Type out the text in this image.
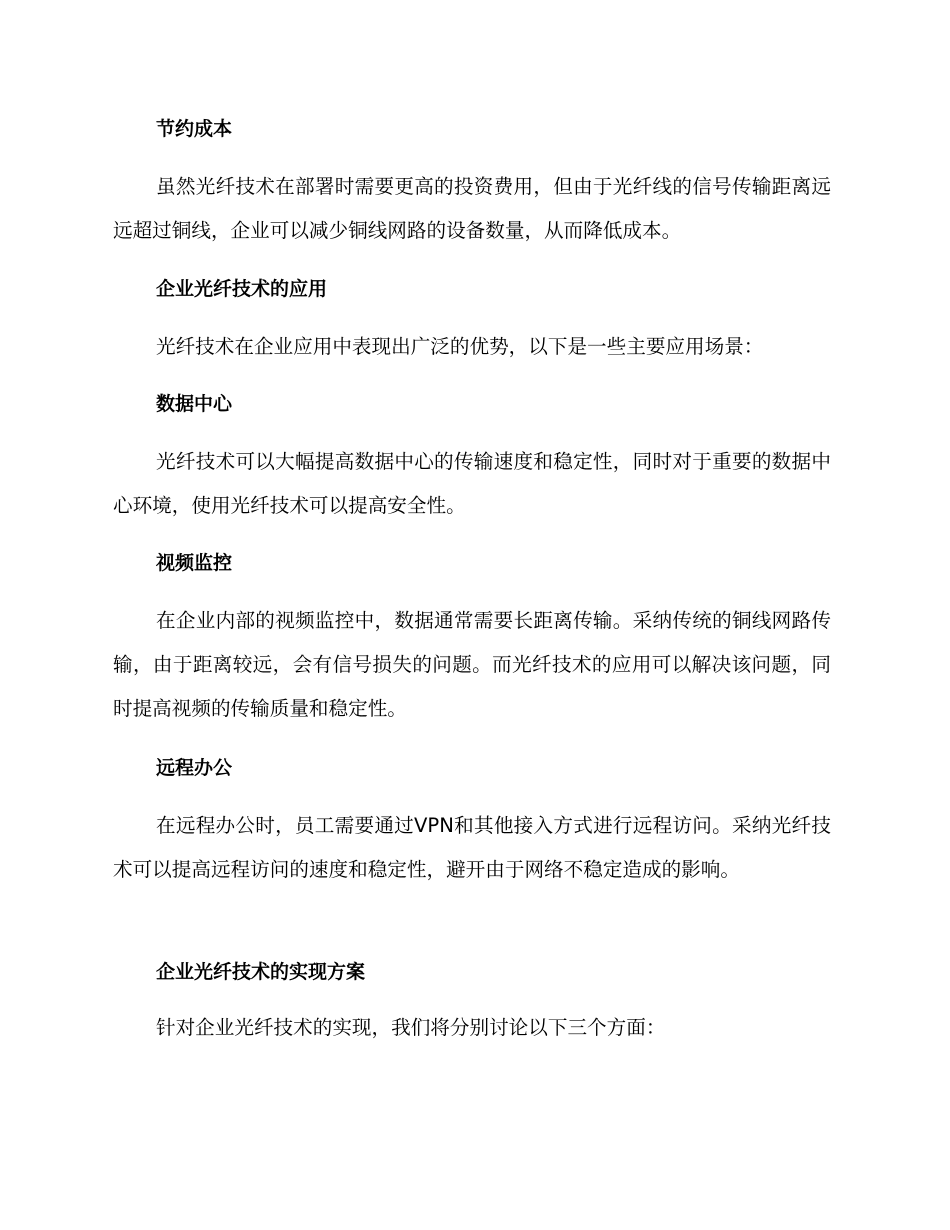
节约成本
虽然光纤技术在部署时需要更高的投资费用，但由于光纤线的信号传输距离远远超过铜线，企业可以减少铜线网路的设备数量，从而降低成本。
企业光纤技术的应用
光纤技术在企业应用中表现出广泛的优势，以下是一些主要应用场景：
数据中心
光纤技术可以大幅提高数据中心的传输速度和稳定性，同时对于重要的数据中心环境，使用光纤技术可以提高安全性。
视频监控
在企业内部的视频监控中，数据通常需要长距离传输。采纳传统的铜线网路传输，由于距离较远，会有信号损失的问题。而光纤技术的应用可以解决该问题，同时提高视频的传输质量和稳定性。
远程办公
在远程办公时，员工需要通过VPN和其他接入方式进行远程访问。采纳光纤技术可以提高远程访问的速度和稳定性，避开由于网络不稳定造成的影响。
企业光纤技术的实现方案
针对企业光纤技术的实现，我们将分别讨论以下三个方面：
